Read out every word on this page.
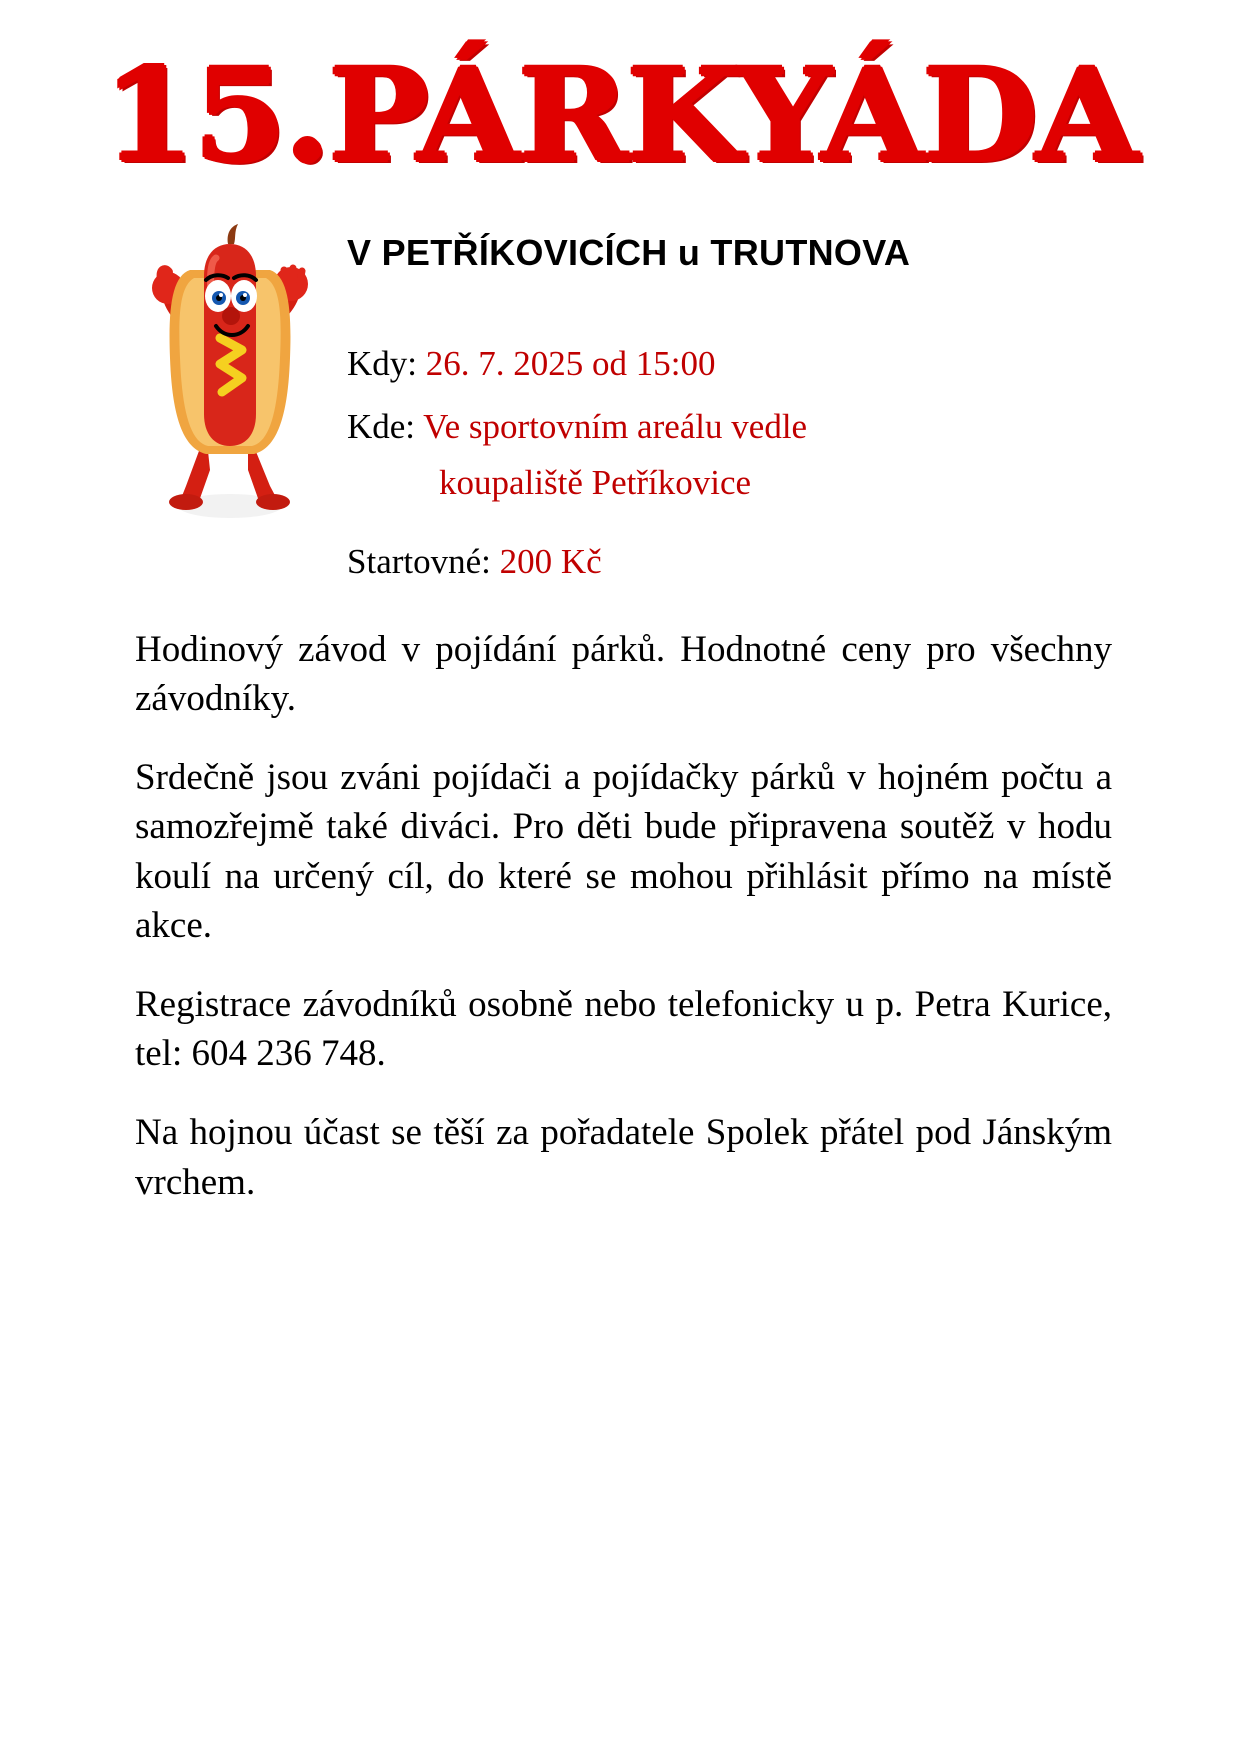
15.PÁRKYÁDA

V PETŘÍKOVICÍCH u TRUTNOVA

Kdy: 26. 7. 2025 od 15:00

Kde: Ve sportovním areálu vedle

koupaliště Petříkovice

Startovné: 200 Kč

Hodinový závod v pojídání párků. Hodnotné ceny pro všechny závodníky.

Srdečně jsou zváni pojídači a pojídačky párků v hojném počtu a samozřejmě také diváci. Pro děti bude připravena soutěž v hodu koulí na určený cíl, do které se mohou přihlásit přímo na místě akce.

Registrace závodníků osobně nebo telefonicky u p. Petra Kurice, tel: 604 236 748.

Na hojnou účast se těší za pořadatele Spolek přátel pod Jánským vrchem.
